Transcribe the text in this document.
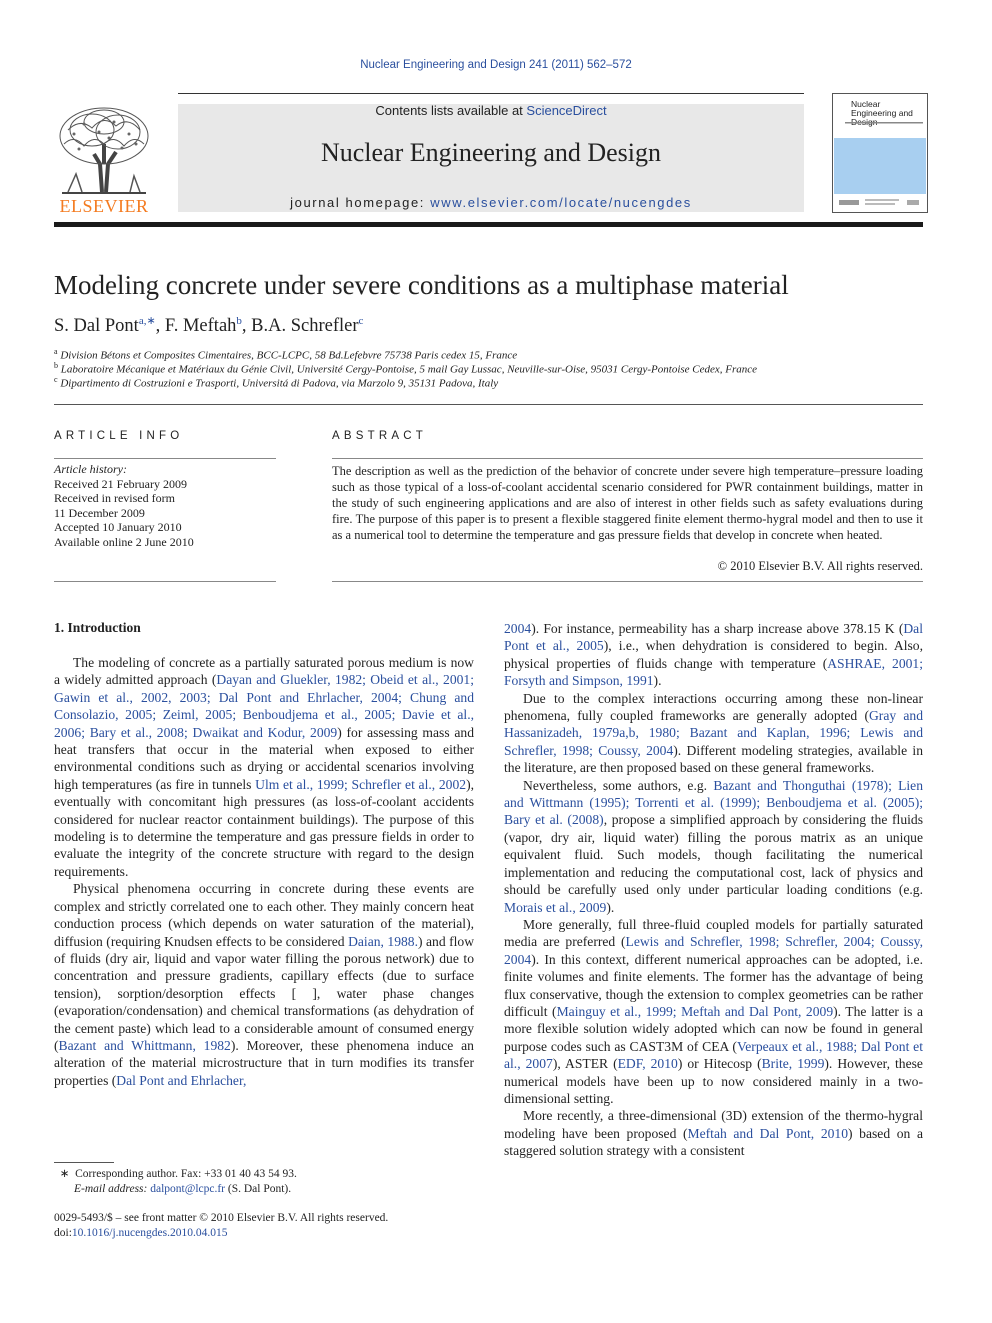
Nuclear Engineering and Design 241 (2011) 562–572
ELSEVIER
Contents lists available at ScienceDirect
Nuclear Engineering and Design
journal homepage: www.elsevier.com/locate/nucengdes
Nuclear Engineering and
Modeling concrete under severe conditions as a multiphase material
S. Dal Pont$^{a,∗}$, F. Meftah$^b$, B.A. Schrefler$^c$
$^a$ Division Bétons et Composites Cimentaires, BCC-LCPC, 58 Bd.Lefebvre 75738 Paris cedex 15, France
$^b$ Laboratoire Mécanique et Matériaux du Génie Civil, Université Cergy-Pontoise, 5 mail Gay Lussac, Neuville-sur-Oise, 95031 Cergy-Pontoise Cedex, France
$^c$ Dipartimento di Costruzioni e Trasporti, Universitá di Padova, via Marzolo 9, 35131 Padova, Italy
ARTICLE INFO
Article history:
Received 21 February 2009
Received in revised form
11 December 2009
Accepted 10 January 2010
Available online 2 June 2010
ABSTRACT
The description as well as the prediction of the behavior of concrete under severe high temperature–pressure loading such as those typical of a loss-of-coolant accidental scenario considered for PWR containment buildings, matter in the study of such engineering applications and are also of interest in other fields such as safety evaluations during fire. The purpose of this paper is to present a flexible staggered finite element thermo-hygral model and then to use it as a numerical tool to determine the temperature and gas pressure fields that develop in concrete when heated.
© 2010 Elsevier B.V. All rights reserved.
1. Introduction

The modeling of concrete as a partially saturated porous medium is now a widely admitted approach (Dayan and Gluekler, 1982; Obeid et al., 2001; Gawin et al., 2002, 2003; Dal Pont and Ehrlacher, 2004; Chung and Consolazio, 2005; Zeiml, 2005; Benboudjema et al., 2005; Davie et al., 2006; Bary et al., 2008; Dwaikat and Kodur, 2009) for assessing mass and heat transfers that occur in the material when exposed to either environmental conditions such as drying or accidental scenarios involving high temperatures (as fire in tunnels Ulm et al., 1999; Schrefler et al., 2002), eventually with concomitant high pressures (as loss-of-coolant accidents considered for nuclear reactor containment buildings). The purpose of this modeling is to determine the temperature and gas pressure fields in order to evaluate the integrity of the concrete structure with regard to the design requirements.

Physical phenomena occurring in concrete during these events are complex and strictly correlated one to each other. They mainly concern heat conduction process (which depends on water saturation of the material), diffusion (requiring Knudsen effects to be considered Daian, 1988.) and flow of fluids (dry air, liquid and vapor water filling the porous network) due to concentration and pressure gradients, capillary effects (due to surface tension), sorption/desorption effects [ ], water phase changes (evaporation/condensation) and chemical transformations (as dehydration of the cement paste) which lead to a considerable amount of consumed energy (Bazant and Whittmann, 1982). Moreover, these phenomena induce an alteration of the material microstructure that in turn modifies its transfer properties (Dal Pont and Ehrlacher,

2004). For instance, permeability has a sharp increase above 378.15 K (Dal Pont et al., 2005), i.e., when dehydration is considered to begin. Also, physical properties of fluids change with temperature (ASHRAE, 2001; Forsyth and Simpson, 1991).

Due to the complex interactions occurring among these non-linear phenomena, fully coupled frameworks are generally adopted (Gray and Hassanizadeh, 1979a,b, 1980; Bazant and Kaplan, 1996; Lewis and Schrefler, 1998; Coussy, 2004). Different modeling strategies, available in the literature, are then proposed based on these general frameworks.

Nevertheless, some authors, e.g. Bazant and Thonguthai (1978); Lien and Wittmann (1995); Torrenti et al. (1999); Benboudjema et al. (2005); Bary et al. (2008), propose a simplified approach by considering the fluids (vapor, dry air, liquid water) filling the porous matrix as an unique equivalent fluid. Such models, though facilitating the numerical implementation and reducing the computational cost, lack of physics and should be carefully used only under particular loading conditions (e.g. Morais et al., 2009).

More generally, full three-fluid coupled models for partially saturated media are preferred (Lewis and Schrefler, 1998; Schrefler, 2004; Coussy, 2004). In this context, different numerical approaches can be adopted, i.e. finite volumes and finite elements. The former has the advantage of being flux conservative, though the extension to complex geometries can be rather difficult (Mainguy et al., 1999; Meftah and Dal Pont, 2009). The latter is a more flexible solution widely adopted which can now be found in general purpose codes such as CAST3M of CEA (Verpeaux et al., 1988; Dal Pont et al., 2007), ASTER (EDF, 2010) or Hitecosp (Brite, 1999). However, these numerical models have been up to now considered mainly in a two-dimensional setting.

More recently, a three-dimensional (3D) extension of the thermo-hygral modeling have been proposed (Meftah and Dal Pont, 2010) based on a staggered solution strategy with a consistent

∗ Corresponding author. Fax: +33 01 40 43 54 93.
E-mail address: dalpont@lcpc.fr (S. Dal Pont).
0029-5493/$ – see front matter © 2010 Elsevier B.V. All rights reserved.
doi:10.1016/j.nucengdes.2010.04.015
